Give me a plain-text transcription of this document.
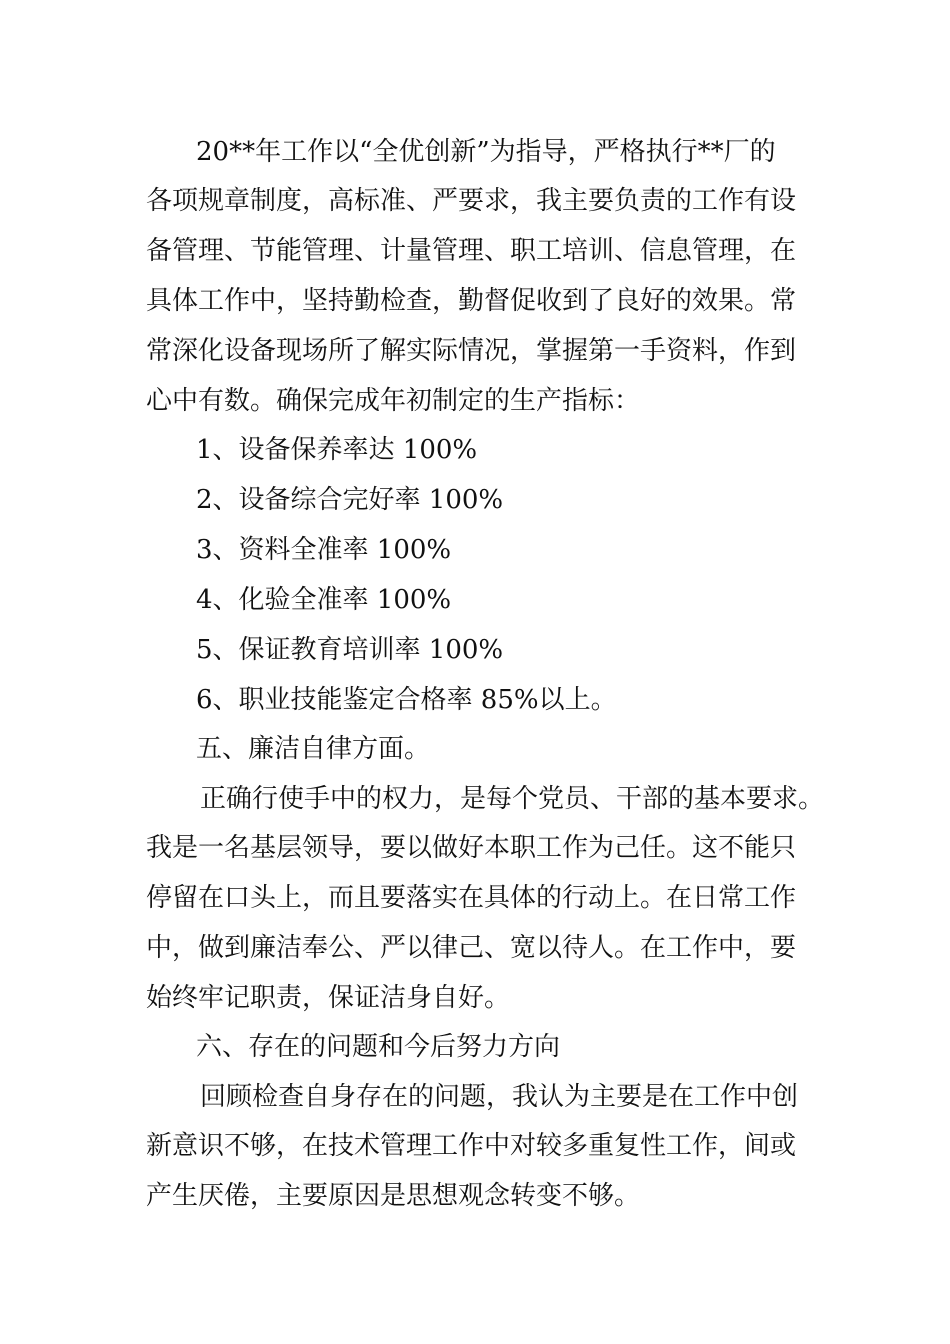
20**年工作以“全优创新”为指导，严格执行**厂的
各项规章制度，高标准、严要求，我主要负责的工作有设
备管理、节能管理、计量管理、职工培训、信息管理，在
具体工作中，坚持勤检查，勤督促收到了良好的效果。常
常深化设备现场所了解实际情况，掌握第一手资料，作到
心中有数。确保完成年初制定的生产指标：
1、设备保养率达 100%
2、设备综合完好率 100%
3、资料全准率 100%
4、化验全准率 100%
5、保证教育培训率 100%
6、职业技能鉴定合格率 85%以上。
五、廉洁自律方面。
正确行使手中的权力，是每个党员、干部的基本要求。
我是一名基层领导，要以做好本职工作为己任。这不能只
停留在口头上，而且要落实在具体的行动上。在日常工作
中，做到廉洁奉公、严以律己、宽以待人。在工作中，要
始终牢记职责，保证洁身自好。
六、存在的问题和今后努力方向
回顾检查自身存在的问题，我认为主要是在工作中创
新意识不够，在技术管理工作中对较多重复性工作，间或
产生厌倦，主要原因是思想观念转变不够。
